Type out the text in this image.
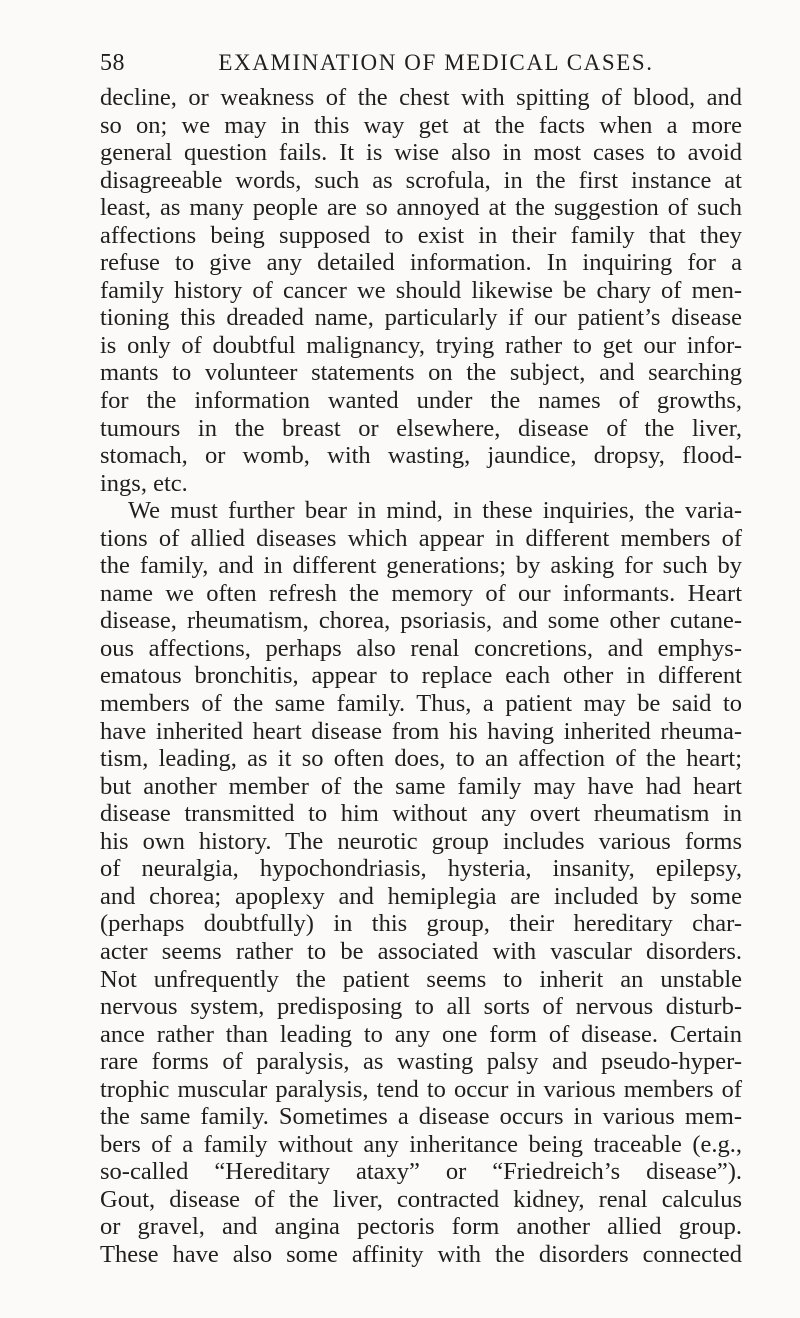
58	EXAMINATION OF MEDICAL CASES.
decline, or weakness of the chest with spitting of blood, and
so on; we may in this way get at the facts when a more
general question fails. It is wise also in most cases to avoid
disagreeable words, such as scrofula, in the first instance at
least, as many people are so annoyed at the suggestion of such
affections being supposed to exist in their family that they
refuse to give any detailed information. In inquiring for a
family history of cancer we should likewise be chary of men-
tioning this dreaded name, particularly if our patient’s disease
is only of doubtful malignancy, trying rather to get our infor-
mants to volunteer statements on the subject, and searching
for the information wanted under the names of growths,
tumours in the breast or elsewhere, disease of the liver,
stomach, or womb, with wasting, jaundice, dropsy, flood-
ings, etc.
We must further bear in mind, in these inquiries, the varia-
tions of allied diseases which appear in different members of
the family, and in different generations; by asking for such by
name we often refresh the memory of our informants. Heart
disease, rheumatism, chorea, psoriasis, and some other cutane-
ous affections, perhaps also renal concretions, and emphys-
ematous bronchitis, appear to replace each other in different
members of the same family. Thus, a patient may be said to
have inherited heart disease from his having inherited rheuma-
tism, leading, as it so often does, to an affection of the heart;
but another member of the same family may have had heart
disease transmitted to him without any overt rheumatism in
his own history. The neurotic group includes various forms
of neuralgia, hypochondriasis, hysteria, insanity, epilepsy,
and chorea; apoplexy and hemiplegia are included by some
(perhaps doubtfully) in this group, their hereditary char-
acter seems rather to be associated with vascular disorders.
Not unfrequently the patient seems to inherit an unstable
nervous system, predisposing to all sorts of nervous disturb-
ance rather than leading to any one form of disease. Certain
rare forms of paralysis, as wasting palsy and pseudo-hyper-
trophic muscular paralysis, tend to occur in various members of
the same family. Sometimes a disease occurs in various mem-
bers of a family without any inheritance being traceable (e.g.,
so-called “Hereditary ataxy” or “Friedreich’s disease”).
Gout, disease of the liver, contracted kidney, renal calculus
or gravel, and angina pectoris form another allied group.
These have also some affinity with the disorders connected
